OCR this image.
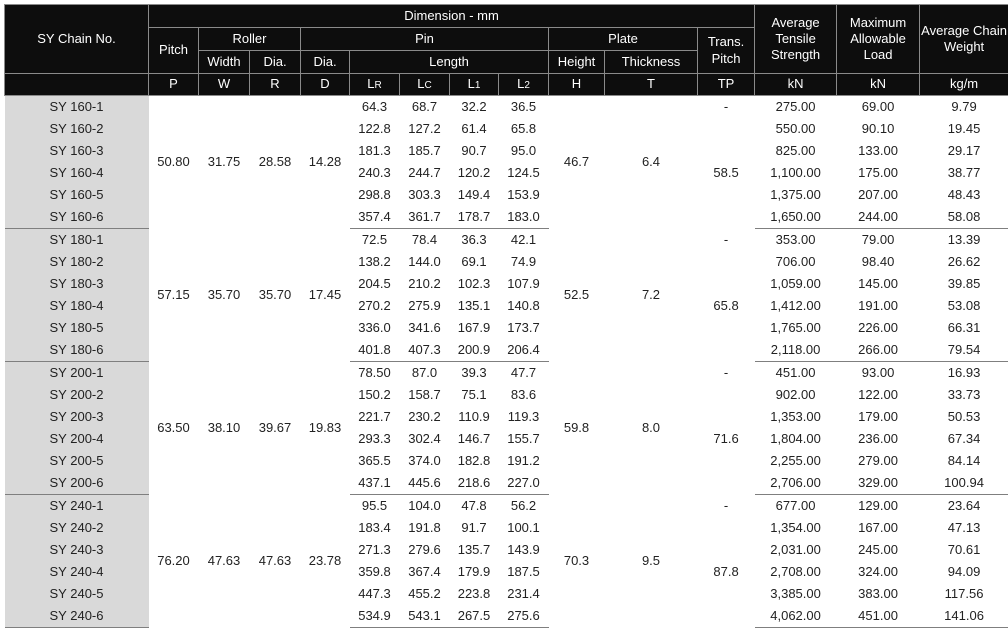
SY Chain No.	Dimension - mm											Average Tensile Strength	Maximum Allowable Load	Average Chain Weight
	Pitch	Roller		Pin					Plate		Trans. Pitch			
		Width	Dia.	Dia.	Length				Height	Thickness				
	P	W	R	D	LR	LC	L1	L2	H	T	TP	kN	kN	kg/m
SY 160-1	50.80	31.75	28.58	14.28	64.3	68.7	32.2	36.5	46.7	6.4	-	275.00	69.00	9.79
SY 160-2					122.8	127.2	61.4	65.8			58.5	550.00	90.10	19.45
SY 160-3					181.3	185.7	90.7	95.0				825.00	133.00	29.17
SY 160-4					240.3	244.7	120.2	124.5				1,100.00	175.00	38.77
SY 160-5					298.8	303.3	149.4	153.9				1,375.00	207.00	48.43
SY 160-6					357.4	361.7	178.7	183.0				1,650.00	244.00	58.08
SY 180-1	57.15	35.70	35.70	17.45	72.5	78.4	36.3	42.1	52.5	7.2	-	353.00	79.00	13.39
SY 180-2					138.2	144.0	69.1	74.9			65.8	706.00	98.40	26.62
SY 180-3					204.5	210.2	102.3	107.9				1,059.00	145.00	39.85
SY 180-4					270.2	275.9	135.1	140.8				1,412.00	191.00	53.08
SY 180-5					336.0	341.6	167.9	173.7				1,765.00	226.00	66.31
SY 180-6					401.8	407.3	200.9	206.4				2,118.00	266.00	79.54
SY 200-1	63.50	38.10	39.67	19.83	78.50	87.0	39.3	47.7	59.8	8.0	-	451.00	93.00	16.93
SY 200-2					150.2	158.7	75.1	83.6			71.6	902.00	122.00	33.73
SY 200-3					221.7	230.2	110.9	119.3				1,353.00	179.00	50.53
SY 200-4					293.3	302.4	146.7	155.7				1,804.00	236.00	67.34
SY 200-5					365.5	374.0	182.8	191.2				2,255.00	279.00	84.14
SY 200-6					437.1	445.6	218.6	227.0				2,706.00	329.00	100.94
SY 240-1	76.20	47.63	47.63	23.78	95.5	104.0	47.8	56.2	70.3	9.5	-	677.00	129.00	23.64
SY 240-2					183.4	191.8	91.7	100.1			87.8	1,354.00	167.00	47.13
SY 240-3					271.3	279.6	135.7	143.9				2,031.00	245.00	70.61
SY 240-4					359.8	367.4	179.9	187.5				2,708.00	324.00	94.09
SY 240-5					447.3	455.2	223.8	231.4				3,385.00	383.00	117.56
SY 240-6					534.9	543.1	267.5	275.6				4,062.00	451.00	141.06
